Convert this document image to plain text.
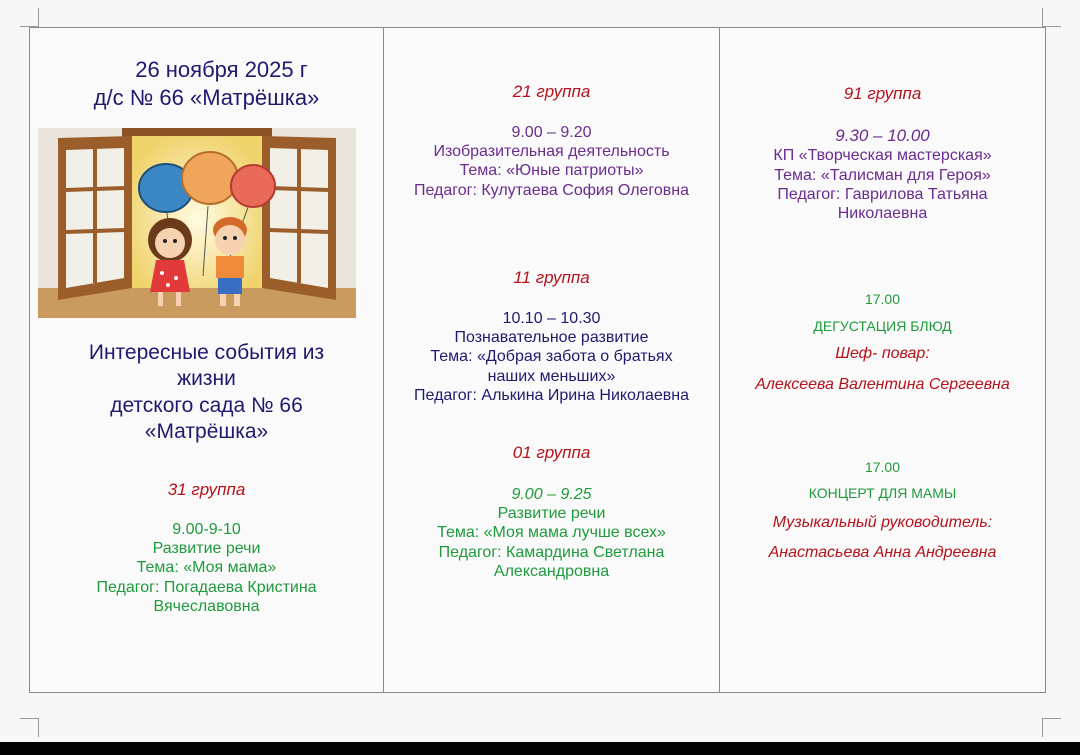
26 ноября 2025 г
д/с № 66 «Матрёшка»
Интересные события из
жизни
детского сада № 66
«Матрёшка»
31 группа
9.00-9-10
Развитие речи
Тема: «Моя мама»
Педагог: Погадаева Кристина
Вячеславовна
21 группа
9.00 – 9.20
Изобразительная деятельность
Тема: «Юные патриоты»
Педагог: Кулутаева София Олеговна
11 группа
10.10 – 10.30
Познавательное развитие
Тема: «Добрая забота о братьях
наших меньших»
Педагог: Алькина Ирина Николаевна
01 группа
9.00 – 9.25
Развитие речи
Тема: «Моя мама лучше всех»
Педагог: Камардина Светлана
Александровна
91 группа
9.30 – 10.00
КП «Творческая мастерская»
Тема: «Талисман для Героя»
Педагог: Гаврилова Татьяна
Николаевна
17.00
ДЕГУСТАЦИЯ БЛЮД
Шеф- повар:
Алексеева Валентина Сергеевна
17.00
КОНЦЕРТ ДЛЯ МАМЫ
Музыкальный руководитель:
Анастасьева Анна Андреевна
